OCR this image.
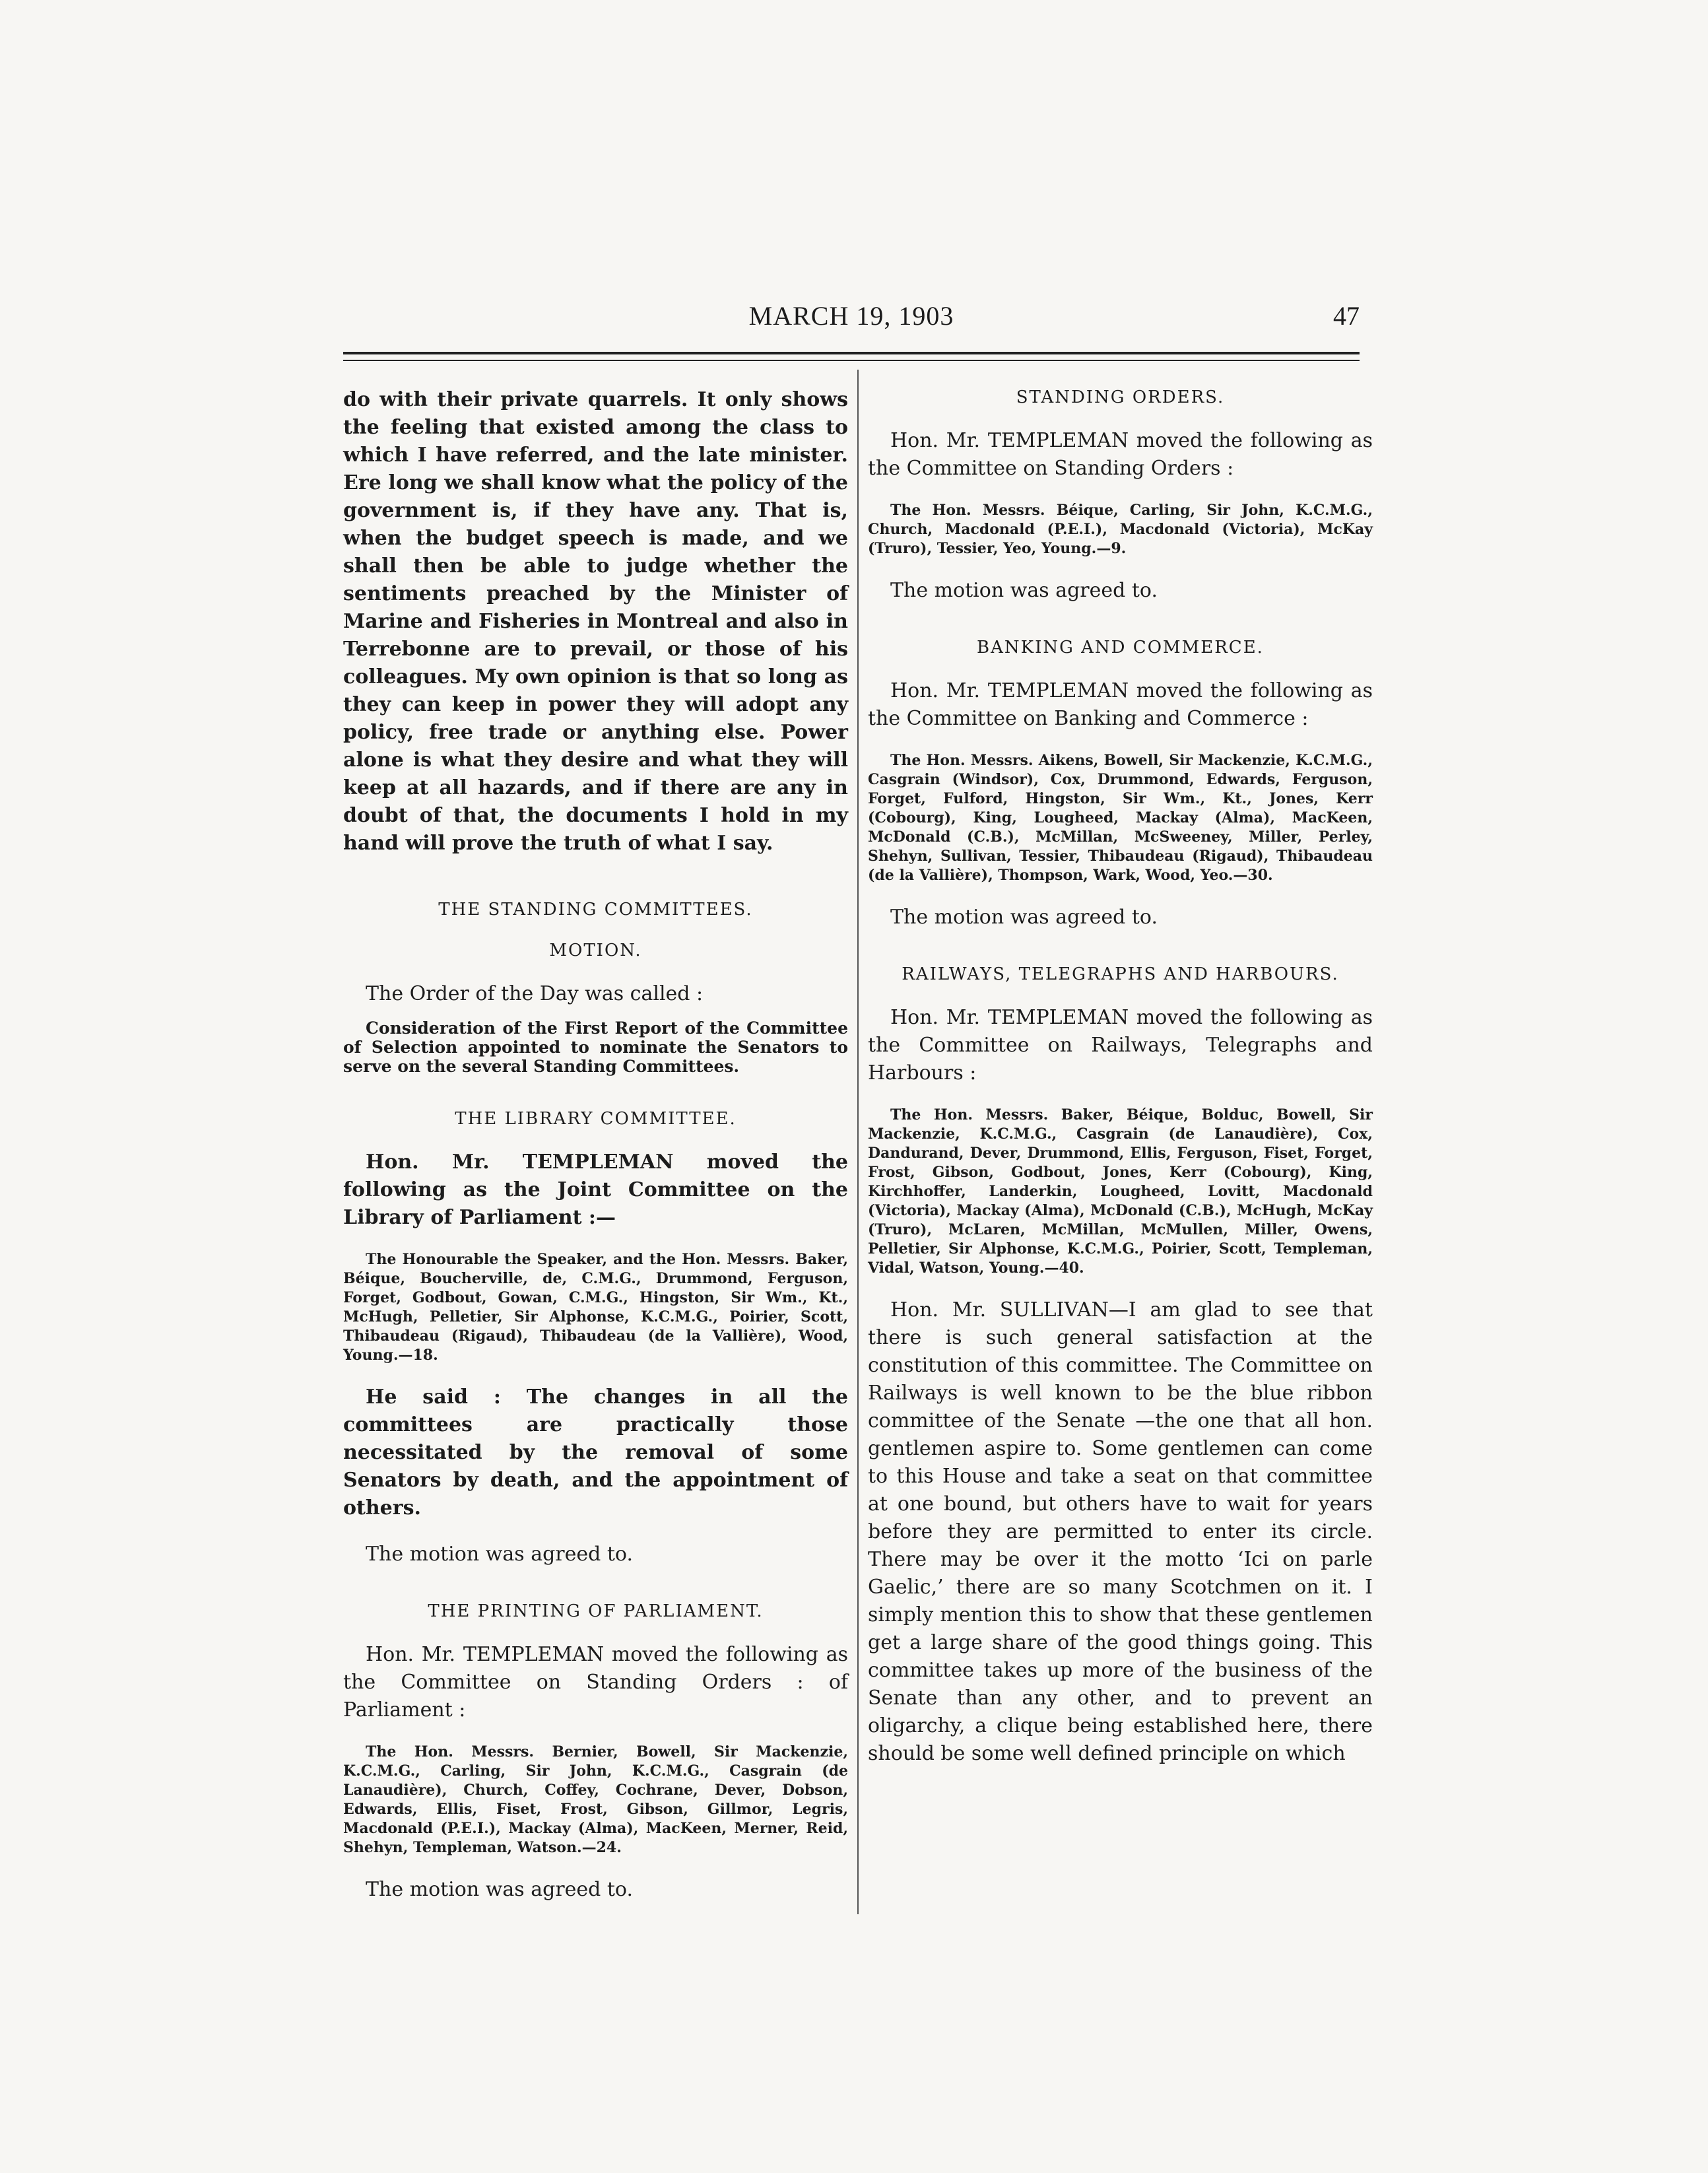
MARCH 19, 1903	47

do with their private quarrels. It only shows the feeling that existed among the class to which I have referred, and the late minister. Ere long we shall know what the policy of the government is, if they have any. That is, when the budget speech is made, and we shall then be able to judge whether the sentiments preached by the Minister of Marine and Fisheries in Montreal and also in Terrebonne are to prevail, or those of his colleagues. My own opinion is that so long as they can keep in power they will adopt any policy, free trade or anything else. Power alone is what they desire and what they will keep at all hazards, and if there are any in doubt of that, the documents I hold in my hand will prove the truth of what I say.

THE STANDING COMMITTEES.

MOTION.

The Order of the Day was called :

Consideration of the First Report of the Committee of Selection appointed to nominate the Senators to serve on the several Standing Committees.

THE LIBRARY COMMITTEE.

Hon. Mr. TEMPLEMAN moved the following as the Joint Committee on the Library of Parliament :—

The Honourable the Speaker, and the Hon. Messrs. Baker, Béique, Boucherville, de, C.M.G., Drummond, Ferguson, Forget, Godbout, Gowan, C.M.G., Hingston, Sir Wm., Kt., McHugh, Pelletier, Sir Alphonse, K.C.M.G., Poirier, Scott, Thibaudeau (Rigaud), Thibaudeau (de la Vallière), Wood, Young.—18.

He said : The changes in all the committees are practically those necessitated by the removal of some Senators by death, and the appointment of others.

The motion was agreed to.

THE PRINTING OF PARLIAMENT.

Hon. Mr. TEMPLEMAN moved the following as the Committee on Standing Orders : of Parliament :

The Hon. Messrs. Bernier, Bowell, Sir Mackenzie, K.C.M.G., Carling, Sir John, K.C.M.G., Casgrain (de Lanaudière), Church, Coffey, Cochrane, Dever, Dobson, Edwards, Ellis, Fiset, Frost, Gibson, Gillmor, Legris, Macdonald (P.E.I.), Mackay (Alma), MacKeen, Merner, Reid, Shehyn, Templeman, Watson.—24.

The motion was agreed to.

STANDING ORDERS.

Hon. Mr. TEMPLEMAN moved the following as the Committee on Standing Orders :

The Hon. Messrs. Béique, Carling, Sir John, K.C.M.G., Church, Macdonald (P.E.I.), Macdonald (Victoria), McKay (Truro), Tessier, Yeo, Young.—9.

The motion was agreed to.

BANKING AND COMMERCE.

Hon. Mr. TEMPLEMAN moved the following as the Committee on Banking and Commerce :

The Hon. Messrs. Aikens, Bowell, Sir Mackenzie, K.C.M.G., Casgrain (Windsor), Cox, Drummond, Edwards, Ferguson, Forget, Fulford, Hingston, Sir Wm., Kt., Jones, Kerr (Cobourg), King, Lougheed, Mackay (Alma), MacKeen, McDonald (C.B.), McMillan, McSweeney, Miller, Perley, Shehyn, Sullivan, Tessier, Thibaudeau (Rigaud), Thibaudeau (de la Vallière), Thompson, Wark, Wood, Yeo.—30.

The motion was agreed to.

RAILWAYS, TELEGRAPHS AND HARBOURS.

Hon. Mr. TEMPLEMAN moved the following as the Committee on Railways, Telegraphs and Harbours :

The Hon. Messrs. Baker, Béique, Bolduc, Bowell, Sir Mackenzie, K.C.M.G., Casgrain (de Lanaudière), Cox, Dandurand, Dever, Drummond, Ellis, Ferguson, Fiset, Forget, Frost, Gibson, Godbout, Jones, Kerr (Cobourg), King, Kirchhoffer, Landerkin, Lougheed, Lovitt, Macdonald (Victoria), Mackay (Alma), McDonald (C.B.), McHugh, McKay (Truro), McLaren, McMillan, McMullen, Miller, Owens, Pelletier, Sir Alphonse, K.C.M.G., Poirier, Scott, Templeman, Vidal, Watson, Young.—40.

Hon. Mr. SULLIVAN—I am glad to see that there is such general satisfaction at the constitution of this committee. The Committee on Railways is well known to be the blue ribbon committee of the Senate —the one that all hon. gentlemen aspire to. Some gentlemen can come to this House and take a seat on that committee at one bound, but others have to wait for years before they are permitted to enter its circle. There may be over it the motto ‘Ici on parle Gaelic,’ there are so many Scotchmen on it. I simply mention this to show that these gentlemen get a large share of the good things going. This committee takes up more of the business of the Senate than any other, and to prevent an oligarchy, a clique being established here, there should be some well defined principle on which
